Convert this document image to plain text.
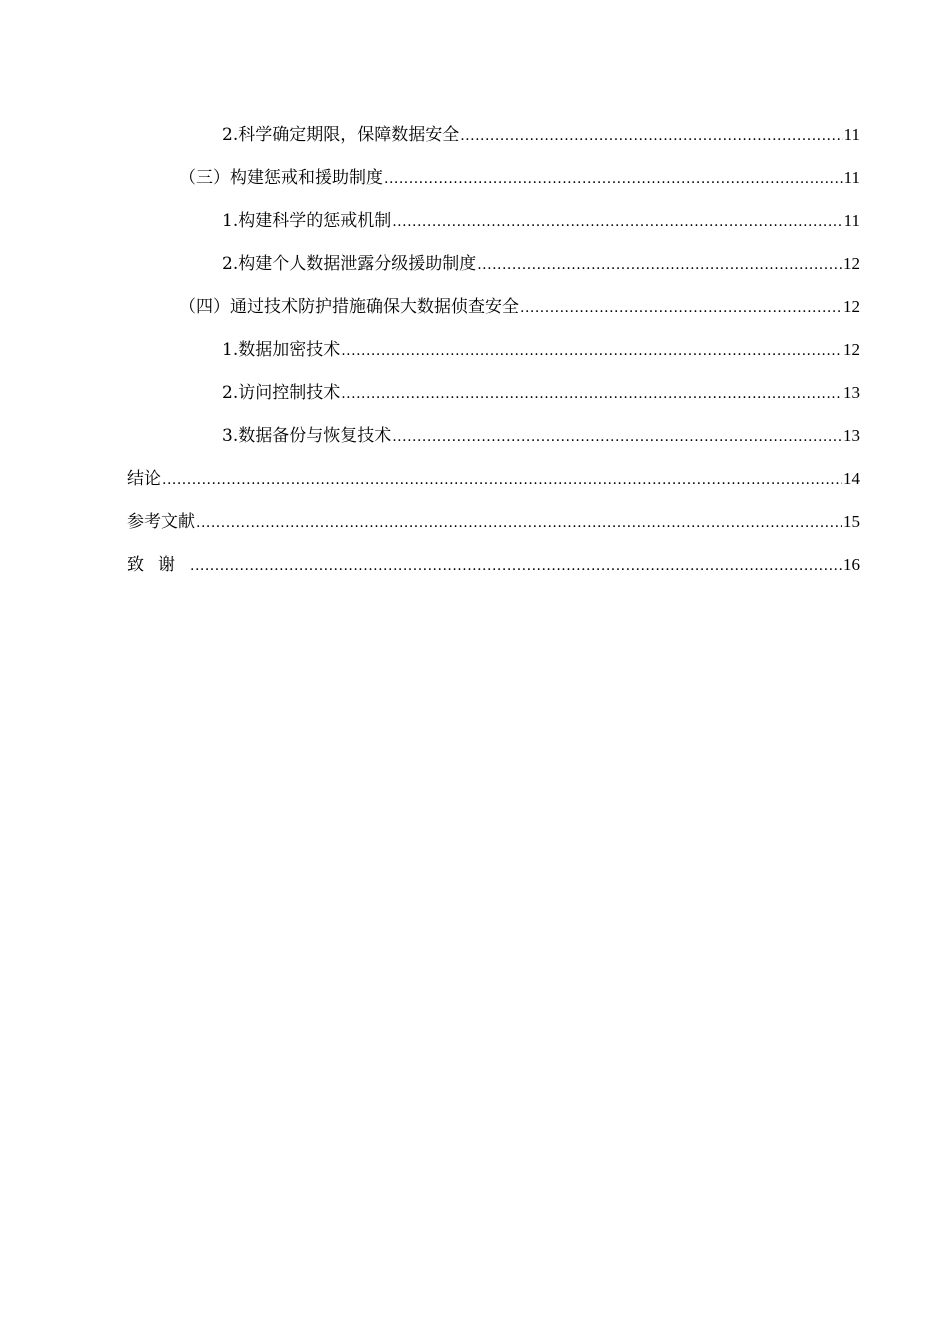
2.科学确定期限，保障数据安全 .....	11
（三）构建惩戒和援助制度 .....	11
1.构建科学的惩戒机制 .....	11
2.构建个人数据泄露分级援助制度 .....	12
（四）通过技术防护措施确保大数据侦查安全 .....	12
1.数据加密技术 .....	12
2.访问控制技术 .....	13
3.数据备份与恢复技术 .....	13
结论 .....	14
参考文献 .....	15
致谢 .....	16
